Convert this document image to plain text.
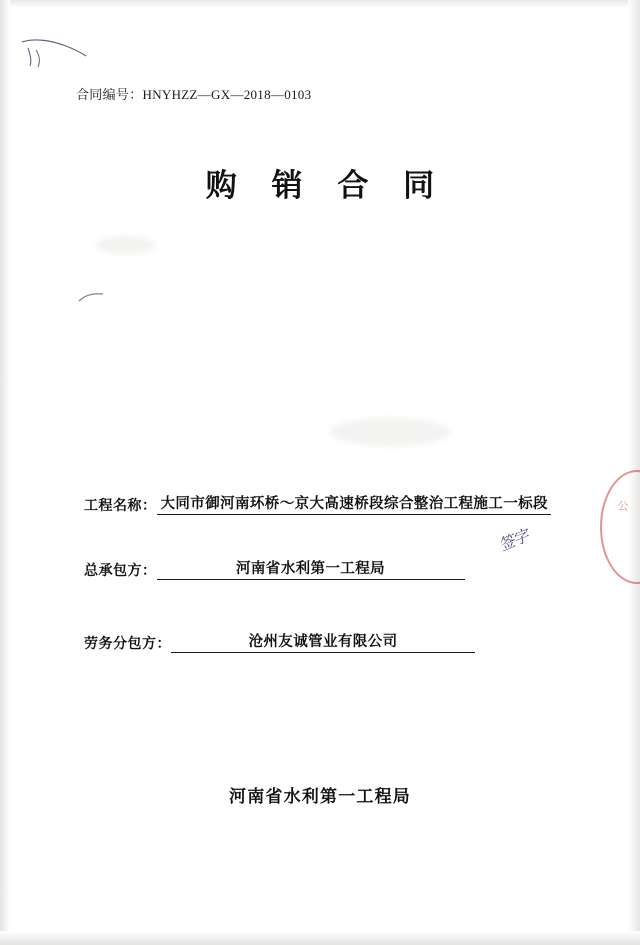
合同编号：HNYHZZ—GX—2018—0103
购 销 合 同
工程名称： 大同市御河南环桥～京大高速桥段综合整治工程施工一标段
总承包方：	河南省水利第一工程局
劳务分包方：	沧州友诚管业有限公司
签字
公
河南省水利第一工程局
